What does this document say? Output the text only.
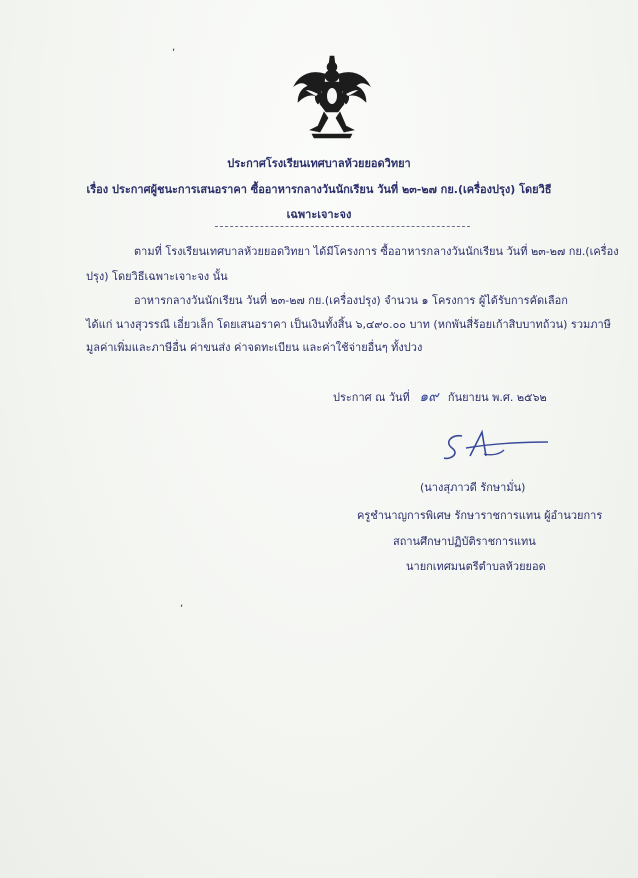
,
,
ประกาศโรงเรียนเทศบาลห้วยยอดวิทยา
เรื่อง ประกาศผู้ชนะการเสนอราคา ซื้ออาหารกลางวันนักเรียน วันที่ ๒๓-๒๗ กย.(เครื่องปรุง) โดยวิธี
เฉพาะเจาะจง
ตามที่ โรงเรียนเทศบาลห้วยยอดวิทยา ได้มีโครงการ ซื้ออาหารกลางวันนักเรียน วันที่ ๒๓-๒๗ กย.(เครื่อง
ปรุง) โดยวิธีเฉพาะเจาะจง นั้น
อาหารกลางวันนักเรียน วันที่ ๒๓-๒๗ กย.(เครื่องปรุง) จำนวน ๑ โครงการ ผู้ได้รับการคัดเลือก
ได้แก่ นางสุวรรณี เอี่ยวเล็ก โดยเสนอราคา เป็นเงินทั้งสิ้น ๖,๔๙๐.๐๐ บาท (หกพันสี่ร้อยเก้าสิบบาทถ้วน) รวมภาษี
มูลค่าเพิ่มและภาษีอื่น ค่าขนส่ง ค่าจดทะเบียน และค่าใช้จ่ายอื่นๆ ทั้งปวง
ประกาศ ณ วันที่ ๑๙ กันยายน พ.ศ. ๒๕๖๒
(นางสุภาวดี รักษามั่น)
ครูชำนาญการพิเศษ รักษาราชการแทน ผู้อำนวยการ
สถานศึกษาปฏิบัติราชการแทน
นายกเทศมนตรีตำบลห้วยยอด
